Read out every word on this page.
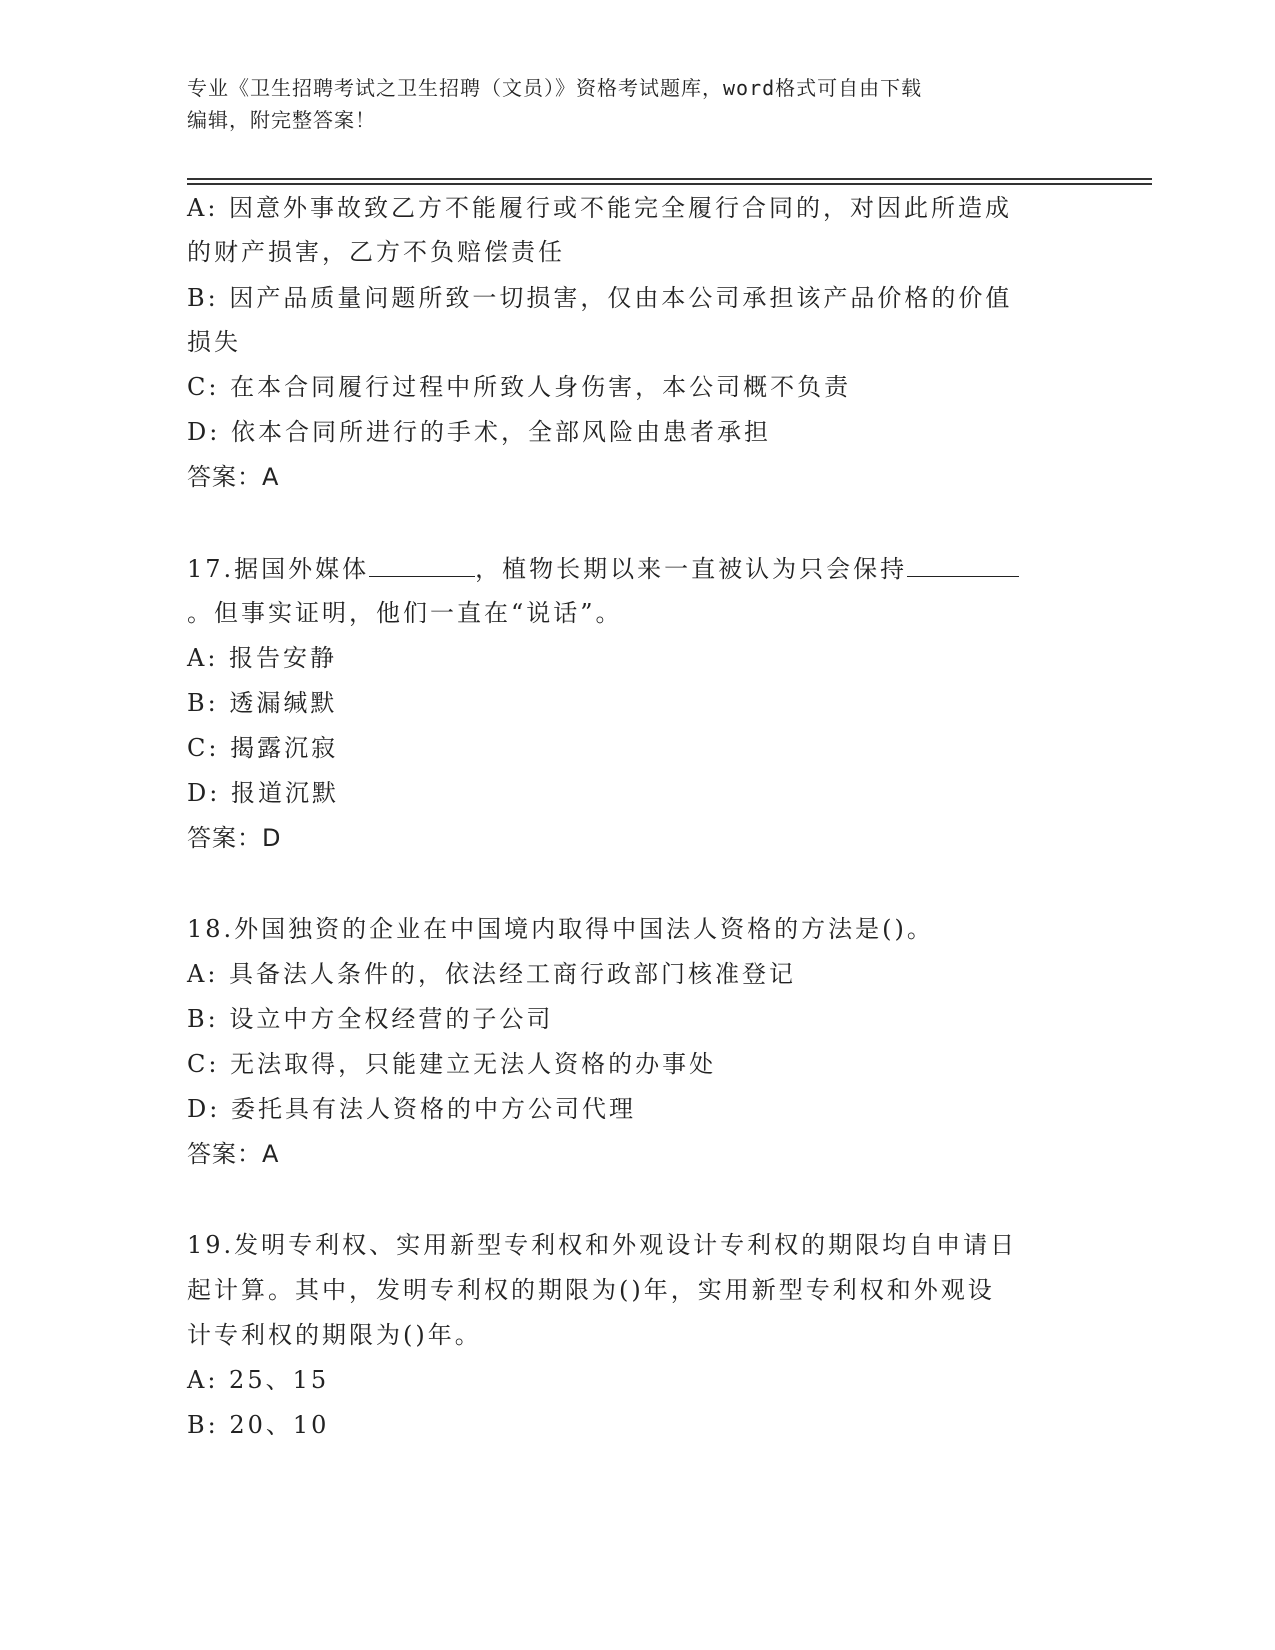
专业《卫生招聘考试之卫生招聘（文员）》资格考试题库，word格式可自由下载
编辑，附完整答案！
A: 因意外事故致乙方不能履行或不能完全履行合同的，对因此所造成
的财产损害，乙方不负赔偿责任
B: 因产品质量问题所致一切损害，仅由本公司承担该产品价格的价值
损失
C: 在本合同履行过程中所致人身伤害，本公司概不负责
D: 依本合同所进行的手术，全部风险由患者承担
答案：A
17.据国外媒体	，植物长期以来一直被认为只会保持
。但事实证明，他们一直在“说话”。
A: 报告安静
B: 透漏缄默
C: 揭露沉寂
D: 报道沉默
答案：D
18.外国独资的企业在中国境内取得中国法人资格的方法是()。
A: 具备法人条件的，依法经工商行政部门核准登记
B: 设立中方全权经营的子公司
C: 无法取得，只能建立无法人资格的办事处
D: 委托具有法人资格的中方公司代理
答案：A
19.发明专利权、实用新型专利权和外观设计专利权的期限均自申请日
起计算。其中，发明专利权的期限为()年，实用新型专利权和外观设
计专利权的期限为()年。
A: 25、15
B: 20、10
